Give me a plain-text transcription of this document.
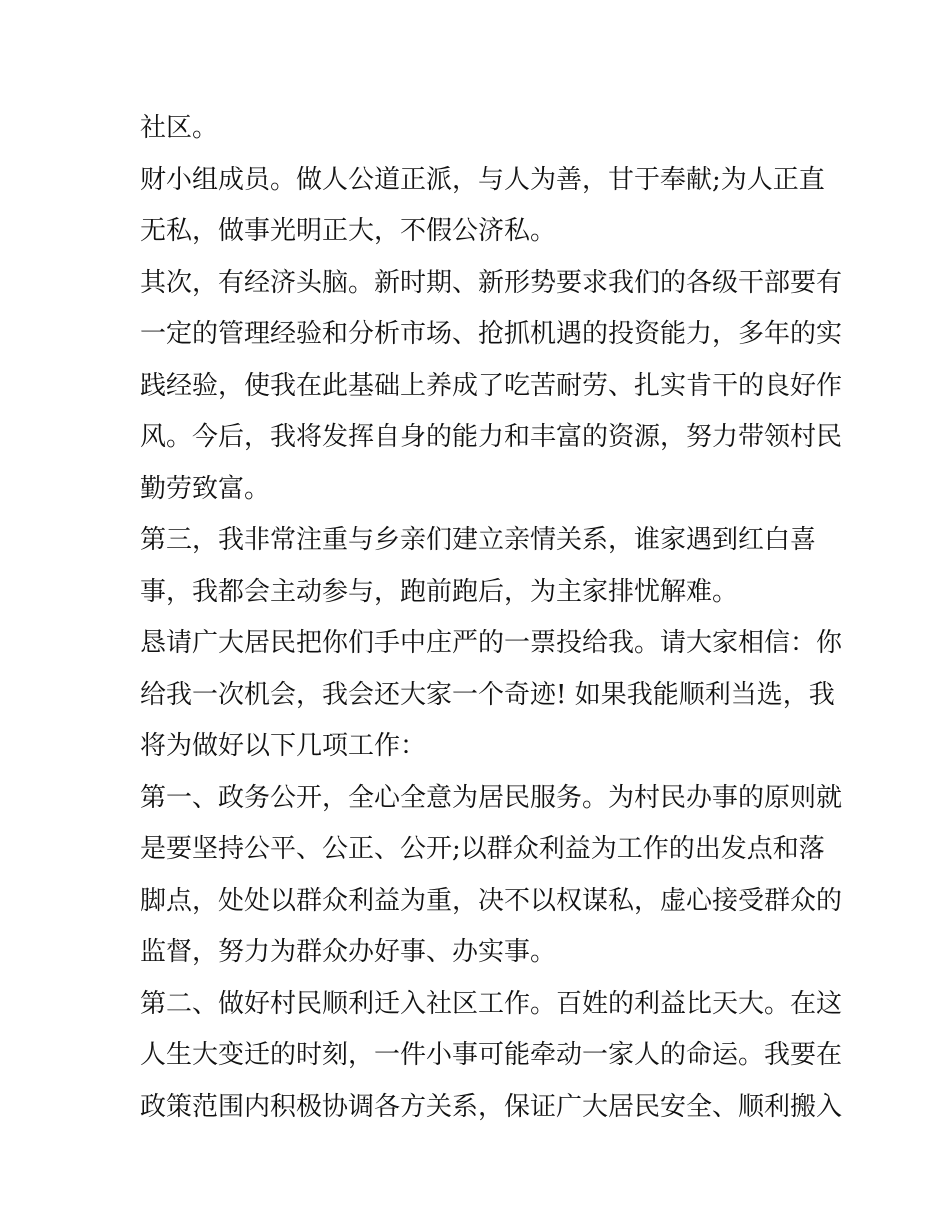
社区。
财小组成员。做人公道正派，与人为善，甘于奉献;为人正直
无私，做事光明正大，不假公济私。
其次，有经济头脑。新时期、新形势要求我们的各级干部要有
一定的管理经验和分析市场、抢抓机遇的投资能力，多年的实
践经验，使我在此基础上养成了吃苦耐劳、扎实肯干的良好作
风。今后，我将发挥自身的能力和丰富的资源，努力带领村民
勤劳致富。
第三，我非常注重与乡亲们建立亲情关系，谁家遇到红白喜
事，我都会主动参与，跑前跑后，为主家排忧解难。
恳请广大居民把你们手中庄严的一票投给我。请大家相信：你
给我一次机会，我会还大家一个奇迹! 如果我能顺利当选，我
将为做好以下几项工作：
第一、政务公开，全心全意为居民服务。为村民办事的原则就
是要坚持公平、公正、公开;以群众利益为工作的出发点和落
脚点，处处以群众利益为重，决不以权谋私，虚心接受群众的
监督，努力为群众办好事、办实事。
第二、做好村民顺利迁入社区工作。百姓的利益比天大。在这
人生大变迁的时刻，一件小事可能牵动一家人的命运。我要在
政策范围内积极协调各方关系，保证广大居民安全、顺利搬入
